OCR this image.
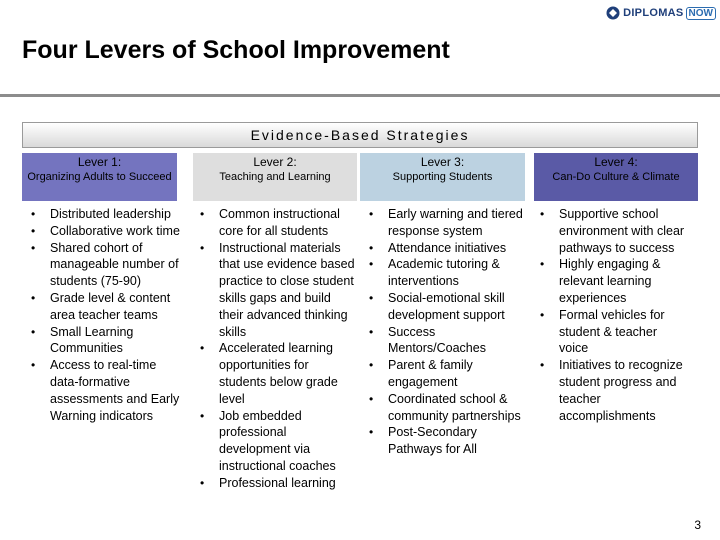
DIPLOMAS NOW
Four Levers of School Improvement
Evidence-Based Strategies
Lever 1:
Organizing Adults to Succeed
Lever 2:
Teaching and Learning
Lever 3:
Supporting Students
Lever 4:
Can-Do Culture & Climate
• Distributed leadership
• Collaborative work time
• Shared cohort of manageable number of students (75-90)
• Grade level & content area teacher teams
• Small Learning Communities
• Access to real-time data-formative assessments and Early Warning indicators
• Common instructional core for all students
• Instructional materials that use evidence based practice to close student skills gaps and build their advanced thinking skills
• Accelerated learning opportunities for students below grade level
• Job embedded professional development via instructional coaches
• Professional learning
• Early warning and tiered response system
• Attendance initiatives
• Academic tutoring & interventions
• Social-emotional skill development support
• Success Mentors/Coaches
• Parent & family engagement
• Coordinated school & community partnerships
• Post-Secondary Pathways for All
• Supportive school environment with clear pathways to success
• Highly engaging & relevant learning experiences
• Formal vehicles for student & teacher voice
• Initiatives to recognize student progress and teacher accomplishments
3
